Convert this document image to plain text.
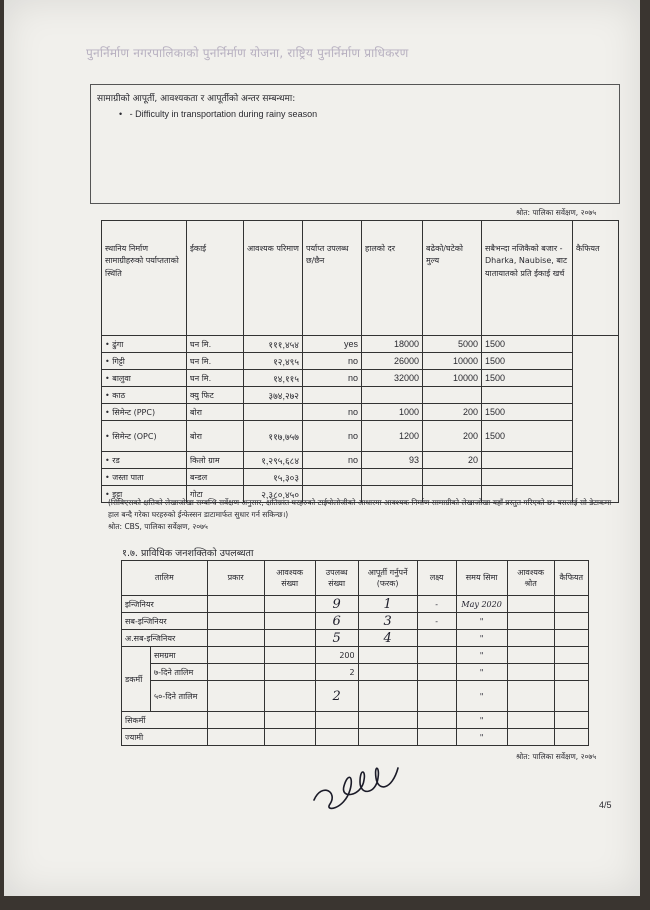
पुनर्निर्माण नगरपालिकाको पुनर्निर्माण योजना, राष्ट्रिय पुनर्निर्माण प्राधिकरण
सामाग्रीको आपूर्ती, आवश्यकता र आपूर्तीको अन्तर सम्बन्धमा:
•   - Difficulty in transportation during rainy season
श्रोत: पालिका सर्वेक्षण, २०७५
स्थानिय निर्माण सामाग्रीहरुको पर्याप्तताको स्थिति	ईकाई	आवश्यक परिमाण	पर्याप्त उपलब्ध छ/छैन	हालको दर	बढेको/घटेको मुल्य	सबैभन्दा नजिकैको बजार - Dharka, Naubise, बाट यातायातको प्रति ईकाई खर्च	कैफियत
• ढुंगा	घन मि.	१११,४५४	yes	18000	5000	1500	
• गिट्टी	घन मि.	१२,४९५	no	26000	10000	1500	
• बालुवा	घन मि.	१४,११५	no	32000	10000	1500	
• काठ	क्यु फिट	३७४,२७२					
• सिमेन्ट (PPC)	बोरा		no	1000	200	1500	
• सिमेन्ट (OPC)	बोरा	११७,७५७	no	1200	200	1500	
• रड	किलो ग्राम	१,२९५,६८४	no	93	20		
• जस्ता पाता	बन्डल	१५,३०३					
• इट्टा	गोटा	२,३८०,४५०					
(सिविएसको क्षतिको लेखाजोखा सम्बन्धि सर्वेक्षण अनुसार, क्षतिग्रस्त घरहरुको टाईपोलोजीको आधारमा आवश्यक निर्माण सामाग्रीको लेखाजोखा यहाँ प्रस्तुत गरिएको छ। यसलाई सो डेटाकमा हाल बन्दै गरेका घरहरुको ईन्फेस्सन डाटामार्फत सुधार गर्न सकिन्छ।)
श्रोत: CBS, पालिका सर्वेक्षण, २०७५
१.७. प्राविधिक जनशक्तिको उपलब्धता
तालिम		प्रकार	आवश्यक संख्या	उपलब्ध संख्या	आपूर्ती गर्नुपर्ने (फरक)	लक्ष्य	समय सिमा	आवश्यक श्रोत	कैफियत
इन्जिनियर				9	1	-	May 2020		
सब-इन्जिनियर				6	3	-	"		
अ.सब-इन्जिनियर				5	4		"		
डकर्मी	समग्रमा			200			"		
	७-दिने तालिम			2			"		
	५०-दिने तालिम			2			"		
सिकर्मी							"		
ज्यामी							"		
श्रोत: पालिका सर्वेक्षण, २०७५
4/5
